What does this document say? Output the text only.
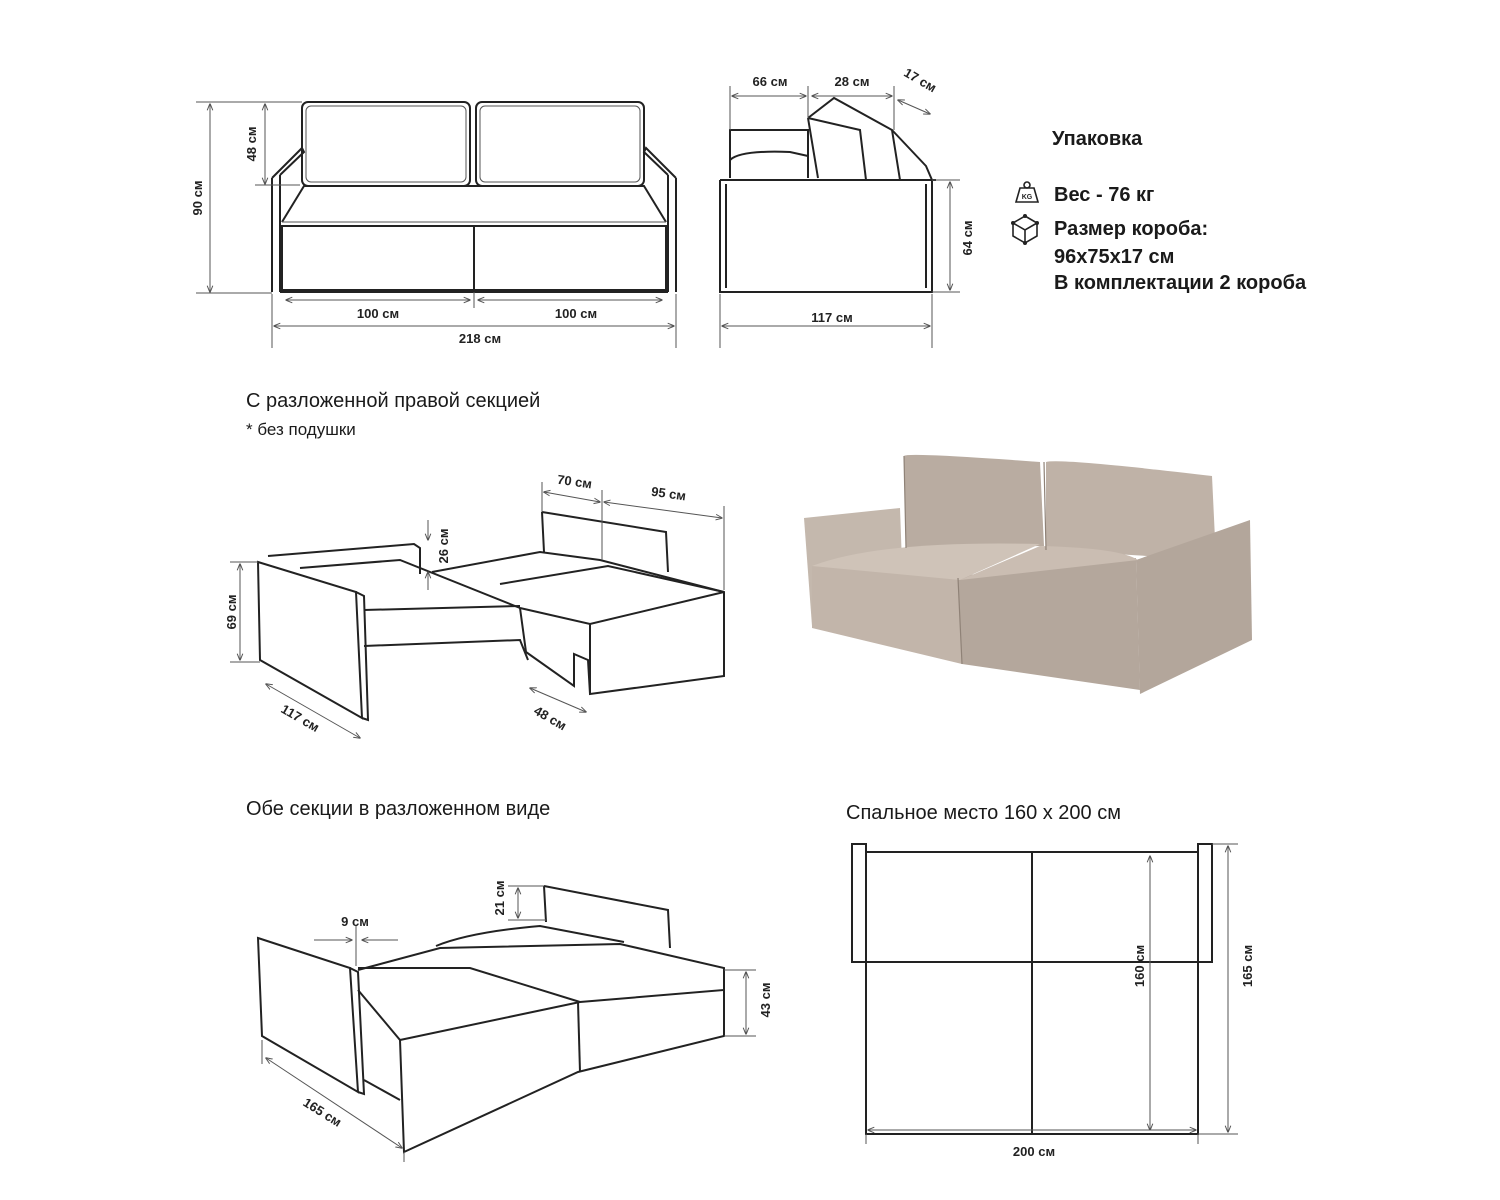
90 см
48 см
100 см	100 см
218 см
66 см	28 см 17 см
64 см
117 см
70 см
95 см
26 см
69 см
117 см	48 см
9 см
21 см
43 см
165 см
160 см	165 см
200 см
KG
Упаковка
Вес - 76 кг
Размер короба:
96х75х17 см
В комплектации 2 короба
С разложенной правой секцией
* без подушки
Обе секции в разложенном виде	Спальное место 160 х 200 см
